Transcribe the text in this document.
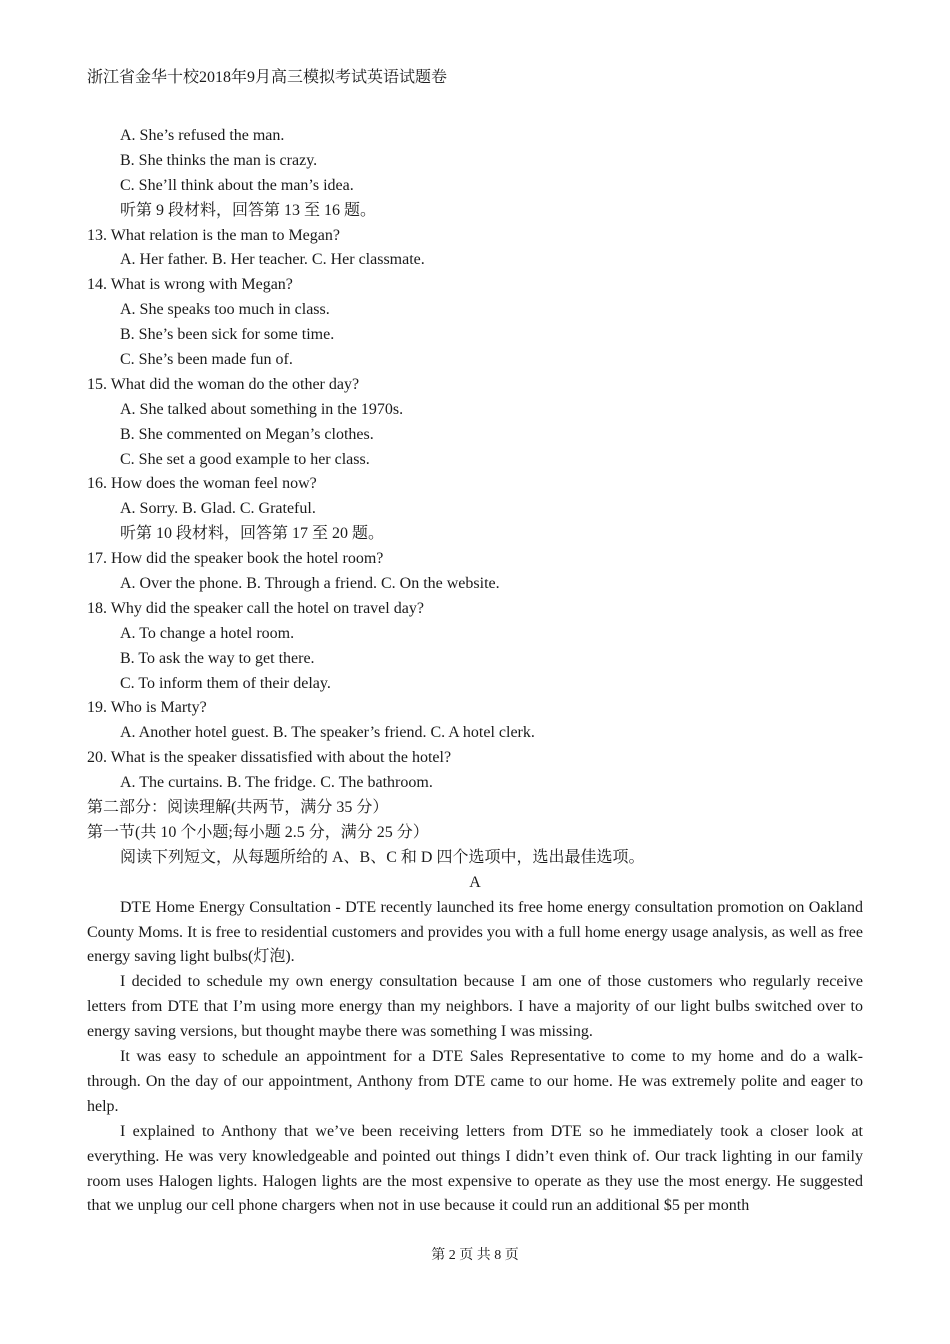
浙江省金华十校2018年9月高三模拟考试英语试题卷
A. She’s refused the man.
B. She thinks the man is crazy.
C. She’ll think about the man’s idea.
听第 9 段材料，回答第 13 至 16 题。
13. What relation is the man to Megan?
A. Her father. B. Her teacher. C. Her classmate.
14. What is wrong with Megan?
A. She speaks too much in class.
B. She’s been sick for some time.
C. She’s been made fun of.
15. What did the woman do the other day?
A. She talked about something in the 1970s.
B. She commented on Megan’s clothes.
C. She set a good example to her class.
16. How does the woman feel now?
A. Sorry. B. Glad. C. Grateful.
听第 10 段材料，回答第 17 至 20 题。
17. How did the speaker book the hotel room?
A. Over the phone. B. Through a friend. C. On the website.
18. Why did the speaker call the hotel on travel day?
A. To change a hotel room.
B. To ask the way to get there.
C. To inform them of their delay.
19. Who is Marty?
A. Another hotel guest. B. The speaker’s friend. C. A hotel clerk.
20. What is the speaker dissatisfied with about the hotel?
A. The curtains. B. The fridge. C. The bathroom.
第二部分：阅读理解(共两节，满分 35 分）
第一节(共 10 个小题;每小题 2.5 分，满分 25 分）
阅读下列短文，从每题所给的 A、B、C 和 D 四个选项中，选出最佳选项。
A
DTE Home Energy Consultation - DTE recently launched its free home energy consultation promotion on Oakland County Moms. It is free to residential customers and provides you with a full home energy usage analysis, as well as free energy saving light bulbs(灯泡).
I decided to schedule my own energy consultation because I am one of those customers who regularly receive letters from DTE that I’m using more energy than my neighbors. I have a majority of our light bulbs switched over to energy saving versions, but thought maybe there was something I was missing.
It was easy to schedule an appointment for a DTE Sales Representative to come to my home and do a walk-through. On the day of our appointment, Anthony from DTE came to our home. He was extremely polite and eager to help.
I explained to Anthony that we’ve been receiving letters from DTE so he immediately took a closer look at everything. He was very knowledgeable and pointed out things I didn’t even think of. Our track lighting in our family room uses Halogen lights. Halogen lights are the most expensive to operate as they use the most energy. He suggested that we unplug our cell phone chargers when not in use because it could run an additional $5 per month
第 2 页 共 8 页
